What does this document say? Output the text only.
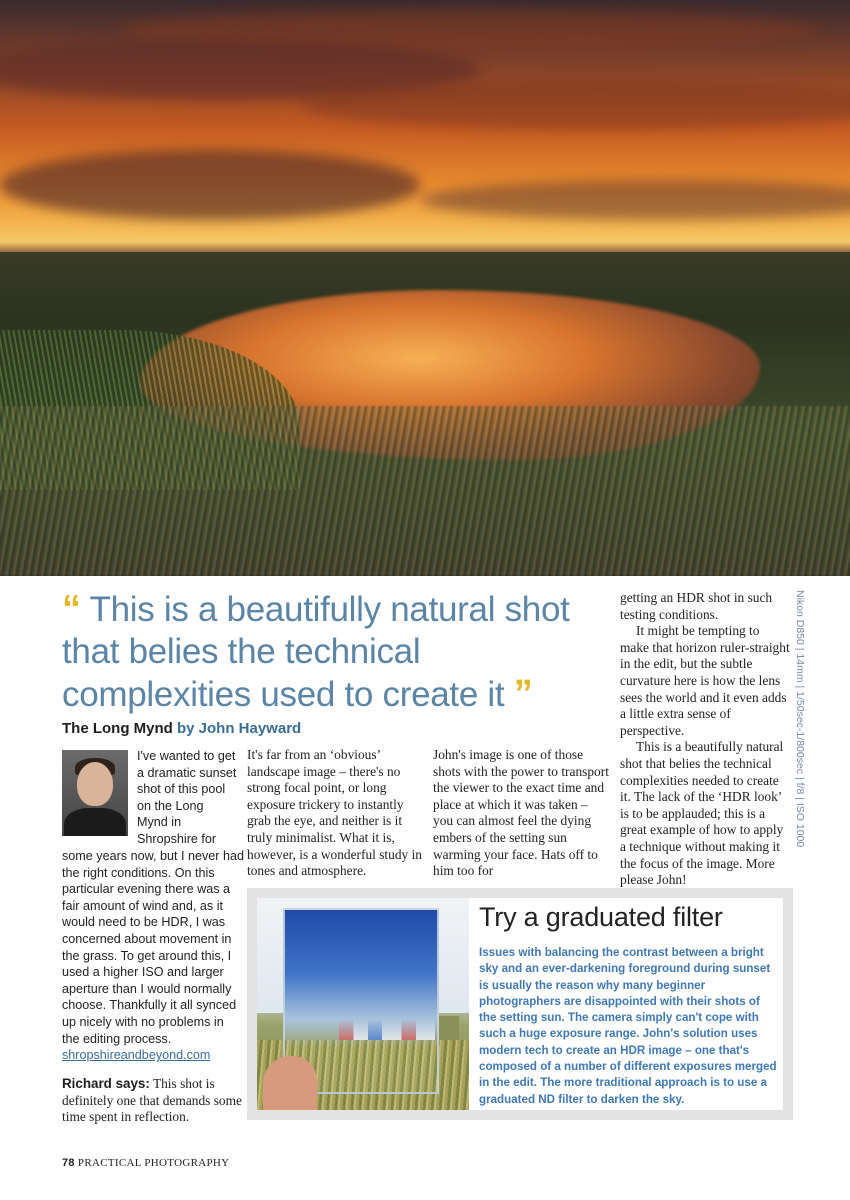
“ This is a beautifully natural shot that belies the technical complexities used to create it ”
The Long Mynd by John Hayward
I've wanted to get a dramatic sunset shot of this pool on the Long Mynd in Shropshire for
some years now, but I never had the right conditions. On this particular evening there was a fair amount of wind and, as it would need to be HDR, I was concerned about movement in the grass. To get around this, I used a higher ISO and larger aperture than I would normally choose. Thankfully it all synced up nicely with no problems in the editing process.
shropshireandbeyond.com
Richard says: This shot is definitely one that demands some time spent in reflection.
It's far from an ‘obvious’ landscape image – there's no strong focal point, or long exposure trickery to instantly grab the eye, and neither is it truly minimalist. What it is, however, is a wonderful study in tones and atmosphere.
John's image is one of those shots with the power to transport the viewer to the exact time and place at which it was taken – you can almost feel the dying embers of the setting sun warming your face. Hats off to him too for

getting an HDR shot in such testing conditions.

It might be tempting to make that horizon ruler-straight in the edit, but the subtle curvature here is how the lens sees the world and it even adds a little extra sense of perspective.

This is a beautifully natural shot that belies the technical complexities needed to create it. The lack of the ‘HDR look’ is to be applauded; this is a great example of how to apply a technique without making it the focus of the image. More please John!

Nikon D850 | 14mm | 1/50sec-1/800sec | f/8 | ISO 1000
Try a graduated filter
Issues with balancing the contrast between a bright sky and an ever-darkening foreground during sunset is usually the reason why many beginner photographers are disappointed with their shots of the setting sun. The camera simply can't cope with such a huge exposure range. John's solution uses modern tech to create an HDR image – one that's composed of a number of different exposures merged in the edit. The more traditional approach is to use a graduated ND filter to darken the sky.
78 PRACTICAL PHOTOGRAPHY
